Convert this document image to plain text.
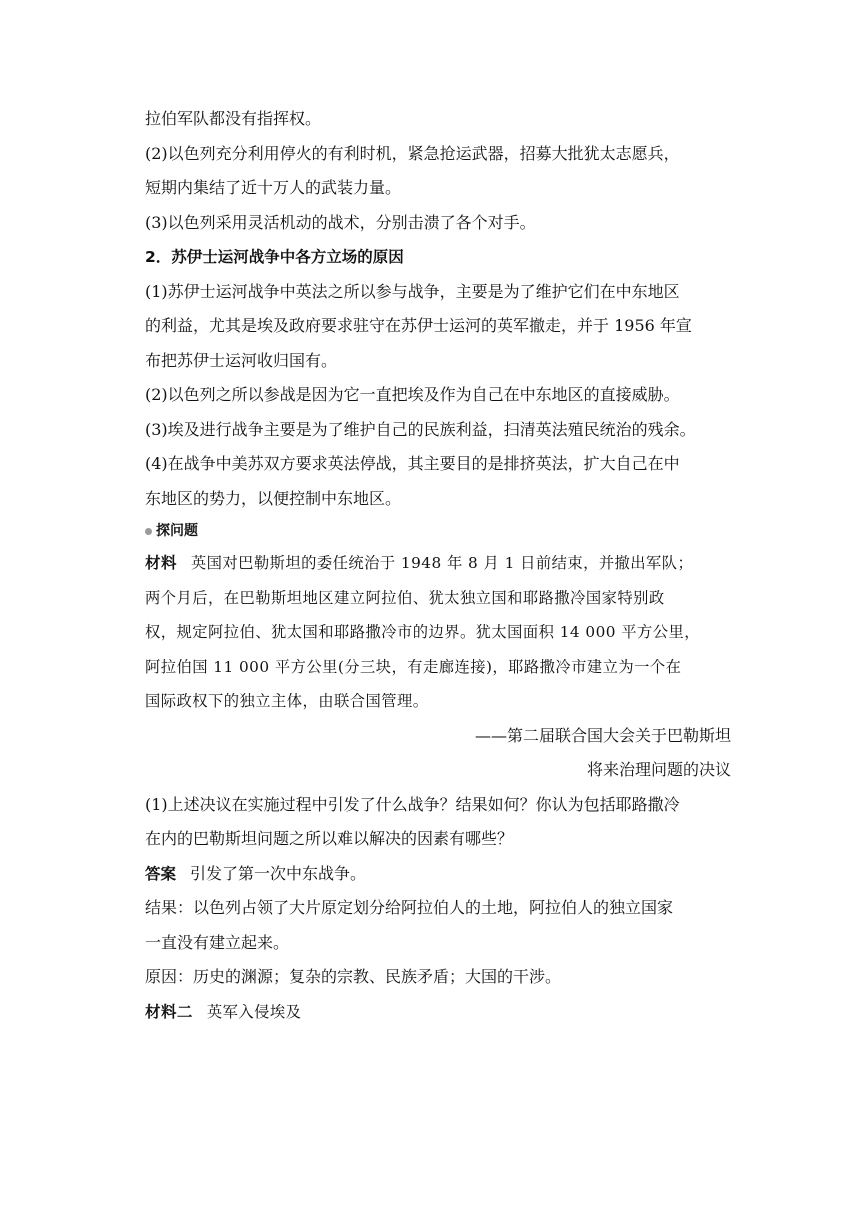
拉伯军队都没有指挥权。

(2)以色列充分利用停火的有利时机，紧急抢运武器，招募大批犹太志愿兵，

短期内集结了近十万人的武装力量。

(3)以色列采用灵活机动的战术，分别击溃了各个对手。

2．苏伊士运河战争中各方立场的原因

(1)苏伊士运河战争中英法之所以参与战争，主要是为了维护它们在中东地区

的利益，尤其是埃及政府要求驻守在苏伊士运河的英军撤走，并于 1956 年宣

布把苏伊士运河收归国有。

(2)以色列之所以参战是因为它一直把埃及作为自己在中东地区的直接威胁。

(3)埃及进行战争主要是为了维护自己的民族利益，扫清英法殖民统治的残余。

(4)在战争中美苏双方要求英法停战，其主要目的是排挤英法，扩大自己在中

东地区的势力，以便控制中东地区。

探问题

材料 英国对巴勒斯坦的委任统治于 1948 年 8 月 1 日前结束，并撤出军队；

两个月后，在巴勒斯坦地区建立阿拉伯、犹太独立国和耶路撒冷国家特别政

权，规定阿拉伯、犹太国和耶路撒冷市的边界。犹太国面积 14 000 平方公里，

阿拉伯国 11 000 平方公里(分三块，有走廊连接)，耶路撒冷市建立为一个在

国际政权下的独立主体，由联合国管理。

——第二届联合国大会关于巴勒斯坦

将来治理问题的决议

(1)上述决议在实施过程中引发了什么战争？结果如何？你认为包括耶路撒冷

在内的巴勒斯坦问题之所以难以解决的因素有哪些？

答案 引发了第一次中东战争。

结果：以色列占领了大片原定划分给阿拉伯人的土地，阿拉伯人的独立国家

一直没有建立起来。

原因：历史的渊源；复杂的宗教、民族矛盾；大国的干涉。

材料二 英军入侵埃及
